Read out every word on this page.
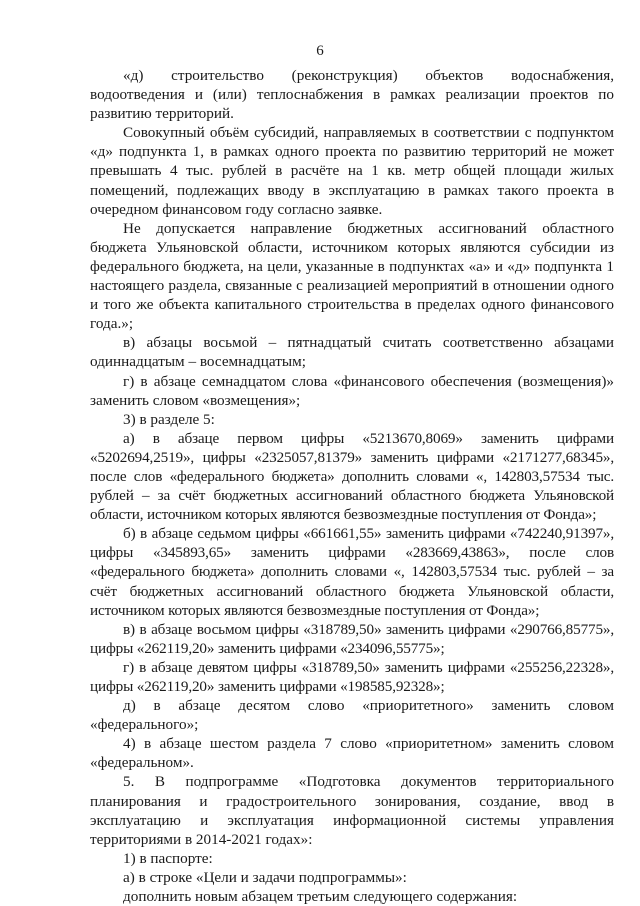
6

«д) строительство (реконструкция) объектов водоснабжения, водоотведения и (или) теплоснабжения в рамках реализации проектов по развитию территорий.

Совокупный объём субсидий, направляемых в соответствии с подпунктом «д» подпункта 1, в рамках одного проекта по развитию территорий не может превышать 4 тыс. рублей в расчёте на 1 кв. метр общей площади жилых помещений, подлежащих вводу в эксплуатацию в рамках такого проекта в очередном финансовом году согласно заявке.

Не допускается направление бюджетных ассигнований областного бюджета Ульяновской области, источником которых являются субсидии из федерального бюджета, на цели, указанные в подпунктах «а» и «д» подпункта 1 настоящего раздела, связанные с реализацией мероприятий в отношении одного и того же объекта капитального строительства в пределах одного финансового года.»;

в) абзацы восьмой – пятнадцатый считать соответственно абзацами одиннадцатым – восемнадцатым;

г) в абзаце семнадцатом слова «финансового обеспечения (возмещения)» заменить словом «возмещения»;

3) в разделе 5:

а) в абзаце первом цифры «5213670,8069» заменить цифрами «5202694,2519», цифры «2325057,81379» заменить цифрами «2171277,68345», после слов «федерального бюджета» дополнить словами «, 142803,57534 тыс. рублей – за счёт бюджетных ассигнований областного бюджета Ульяновской области, источником которых являются безвозмездные поступления от Фонда»;

б) в абзаце седьмом цифры «661661,55» заменить цифрами «742240,91397», цифры «345893,65» заменить цифрами «283669,43863», после слов «федерального бюджета» дополнить словами «, 142803,57534 тыс. рублей – за счёт бюджетных ассигнований областного бюджета Ульяновской области, источником которых являются безвозмездные поступления от Фонда»;

в) в абзаце восьмом цифры «318789,50» заменить цифрами «290766,85775», цифры «262119,20» заменить цифрами «234096,55775»;

г) в абзаце девятом цифры «318789,50» заменить цифрами «255256,22328», цифры «262119,20» заменить цифрами «198585,92328»;

д) в абзаце десятом слово «приоритетного» заменить словом «федерального»;

4) в абзаце шестом раздела 7 слово «приоритетном» заменить словом «федеральном».

5. В подпрограмме «Подготовка документов территориального планирования и градостроительного зонирования, создание, ввод в эксплуатацию и эксплуатация информационной системы управления территориями в 2014-2021 годах»:

1) в паспорте:

а) в строке «Цели и задачи подпрограммы»:

дополнить новым абзацем третьим следующего содержания:
